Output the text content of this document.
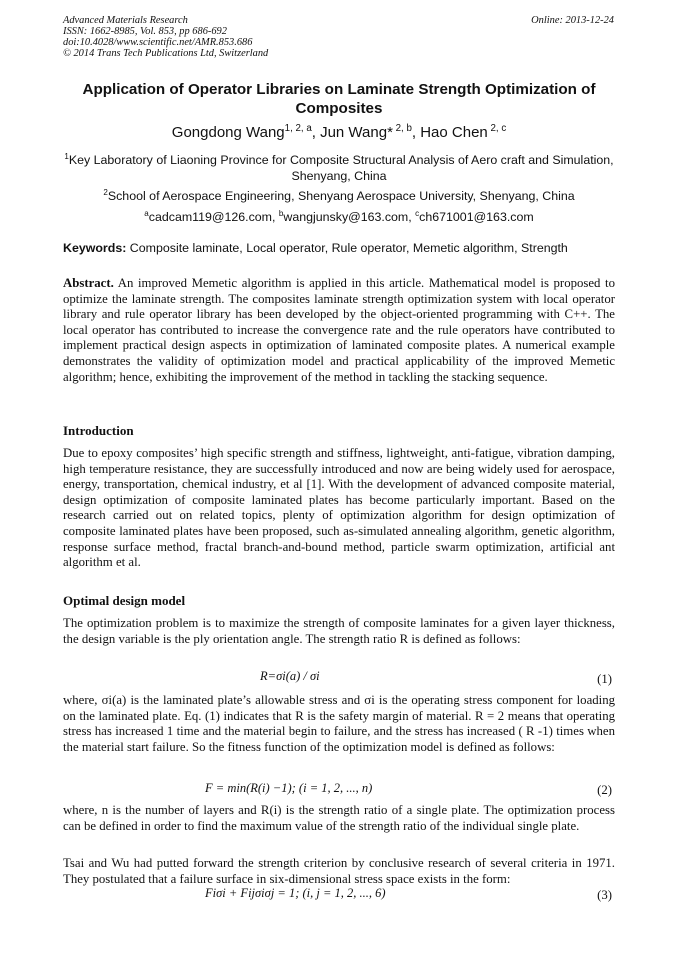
Advanced Materials Research
ISSN: 1662-8985, Vol. 853, pp 686-692
doi:10.4028/www.scientific.net/AMR.853.686
© 2014 Trans Tech Publications Ltd, Switzerland
Online: 2013-12-24
Application of Operator Libraries on Laminate Strength Optimization of Composites
Gongdong Wang$^{1, 2, a}$, Jun Wang* $^{2, b}$, Hao Chen $^{2, c}$
$^1$Key Laboratory of Liaoning Province for Composite Structural Analysis of Aero craft and Simulation, Shenyang, China
$^2$School of Aerospace Engineering, Shenyang Aerospace University, Shenyang, China
$^a$cadcam119@126.com, $^b$wangjunsky@163.com, $^c$ch671001@163.com
Keywords: Composite laminate, Local operator, Rule operator, Memetic algorithm, Strength
Abstract. An improved Memetic algorithm is applied in this article. Mathematical model is proposed to optimize the laminate strength. The composites laminate strength optimization system with local operator library and rule operator library has been developed by the object-oriented programming with C++. The local operator has contributed to increase the convergence rate and the rule operators have contributed to implement practical design aspects in optimization of laminated composite plates. A numerical example demonstrates the validity of optimization model and practical applicability of the improved Memetic algorithm; hence, exhibiting the improvement of the method in tackling the stacking sequence.
Introduction
Due to epoxy composites’ high specific strength and stiffness, lightweight, anti-fatigue, vibration damping, high temperature resistance, they are successfully introduced and now are being widely used for aerospace, energy, transportation, chemical industry, et al [1]. With the development of advanced composite material, design optimization of composite laminated plates has become particularly important. Based on the research carried out on related topics, plenty of optimization algorithm for design optimization of composite laminated plates have been proposed, such as-simulated annealing algorithm, genetic algorithm, response surface method, fractal branch-and-bound method, particle swarm optimization, artificial ant algorithm et al.
Optimal design model
The optimization problem is to maximize the strength of composite laminates for a given layer thickness, the design variable is the ply orientation angle. The strength ratio R is defined as follows:
R=σi(a) / σi	(1)
where, σi(a) is the laminated plate’s allowable stress and σi is the operating stress component for loading on the laminated plate. Eq. (1) indicates that R is the safety margin of material. R = 2 means that operating stress has increased 1 time and the material begin to failure, and the stress has increased ( R -1) times when the material start failure. So the fitness function of the optimization model is defined as follows:
F = min(R(i) −1); (i = 1, 2, ..., n)	(2)
where, n is the number of layers and R(i) is the strength ratio of a single plate. The optimization process can be defined in order to find the maximum value of the strength ratio of the individual single plate.
Tsai and Wu had putted forward the strength criterion by conclusive research of several criteria in 1971. They postulated that a failure surface in six-dimensional stress space exists in the form:
Fiσi + Fijσiσj = 1; (i, j = 1, 2, ..., 6)	(3)
